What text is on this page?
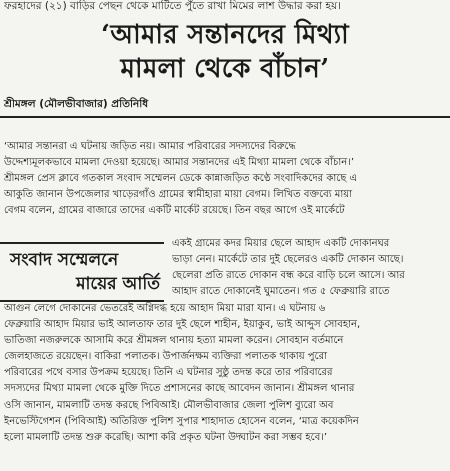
ফরহাদের (২১) বাড়ির পেছন থেকে মাটিতে পুঁতে রাখা মিমের লাশ উদ্ধার করা হয়।
‘আমার সন্তানদের মিথ্যা
মামলা থেকে বাঁচান’
শ্রীমঙ্গল (মৌলভীবাজার) প্রতিনিধি

‘আমার সন্তানরা এ ঘটনায় জড়িত নয়। আমার পরিবারের সদস্যদের বিরুদ্ধে

উদ্দেশ্যমূলকভাবে মামলা দেওয়া হয়েছে। আমার সন্তানদের এই মিথ্যা মামলা থেকে বাঁচান।’

শ্রীমঙ্গল প্রেস ক্লাবে গতকাল সংবাদ সম্মেলন ডেকে কান্নাজড়িত কণ্ঠে সংবাদিকদের কাছে এ

আকুতি জানান উপজেলার খাড়েরগাঁও গ্রামের স্বামীহারা মায়া বেগম। লিখিত বক্তব্যে মায়া

বেগম বলেন, গ্রামের বাজারে তাদের একটি মার্কেট রয়েছে। তিন বছর আগে ওই মার্কেটে

সংবাদ সম্মেলনে
মায়ের আর্তি

একই গ্রামের কদর মিয়ার ছেলে আহাদ একটি দোকানঘর

ভাড়া নেন। মার্কেটে তার দুই ছেলেরও একটি দোকান আছে।

ছেলেরা প্রতি রাতে দোকান বন্ধ করে বাড়ি চলে আসে। আর

আহাদ রাতে দোকানেই ঘুমাতেন। গত ৫ ফেব্রুয়ারি রাতে

আগুন লেগে দোকানের ভেতরেই অগ্নিদগ্ধ হয়ে আহাদ মিয়া মারা যান। এ ঘটনায় ৬

ফেব্রুয়ারি আহাদ মিয়ার ভাই আলতাফ তার দুই ছেলে শাহীন, ইয়াকুব, ভাই আব্দুস সোবহান,

ভাতিজা নজরুলকে আসামি করে শ্রীমঙ্গল থানায় হত্যা মামলা করেন। সোবহান বর্তমানে

জেলহাজতে রয়েছেন। বাকিরা পলাতক। উপার্জনক্ষম ব্যক্তিরা পলাতক থাকায় পুরো

পরিবারের পথে বসার উপক্রম হয়েছে। তিনি এ ঘটনার সুষ্ঠু তদন্ত করে তার পরিবারের

সদস্যদের মিথ্যা মামলা থেকে মুক্তি দিতে প্রশাসনের কাছে আবেদন জানান। শ্রীমঙ্গল থানার

ওসি জানান, মামলাটি তদন্ত করছে পিবিআই। মৌলভীবাজার জেলা পুলিশ ব্যুরো অব

ইনভেস্টিগেশন (পিবিআই) অতিরিক্ত পুলিশ সুপার শাহাদাত হোসেন বলেন, ‘মাত্র কয়েকদিন

হলো মামলাটি তদন্ত শুরু করেছি। আশা করি প্রকৃত ঘটনা উদ্ঘাটন করা সম্ভব হবে।’
